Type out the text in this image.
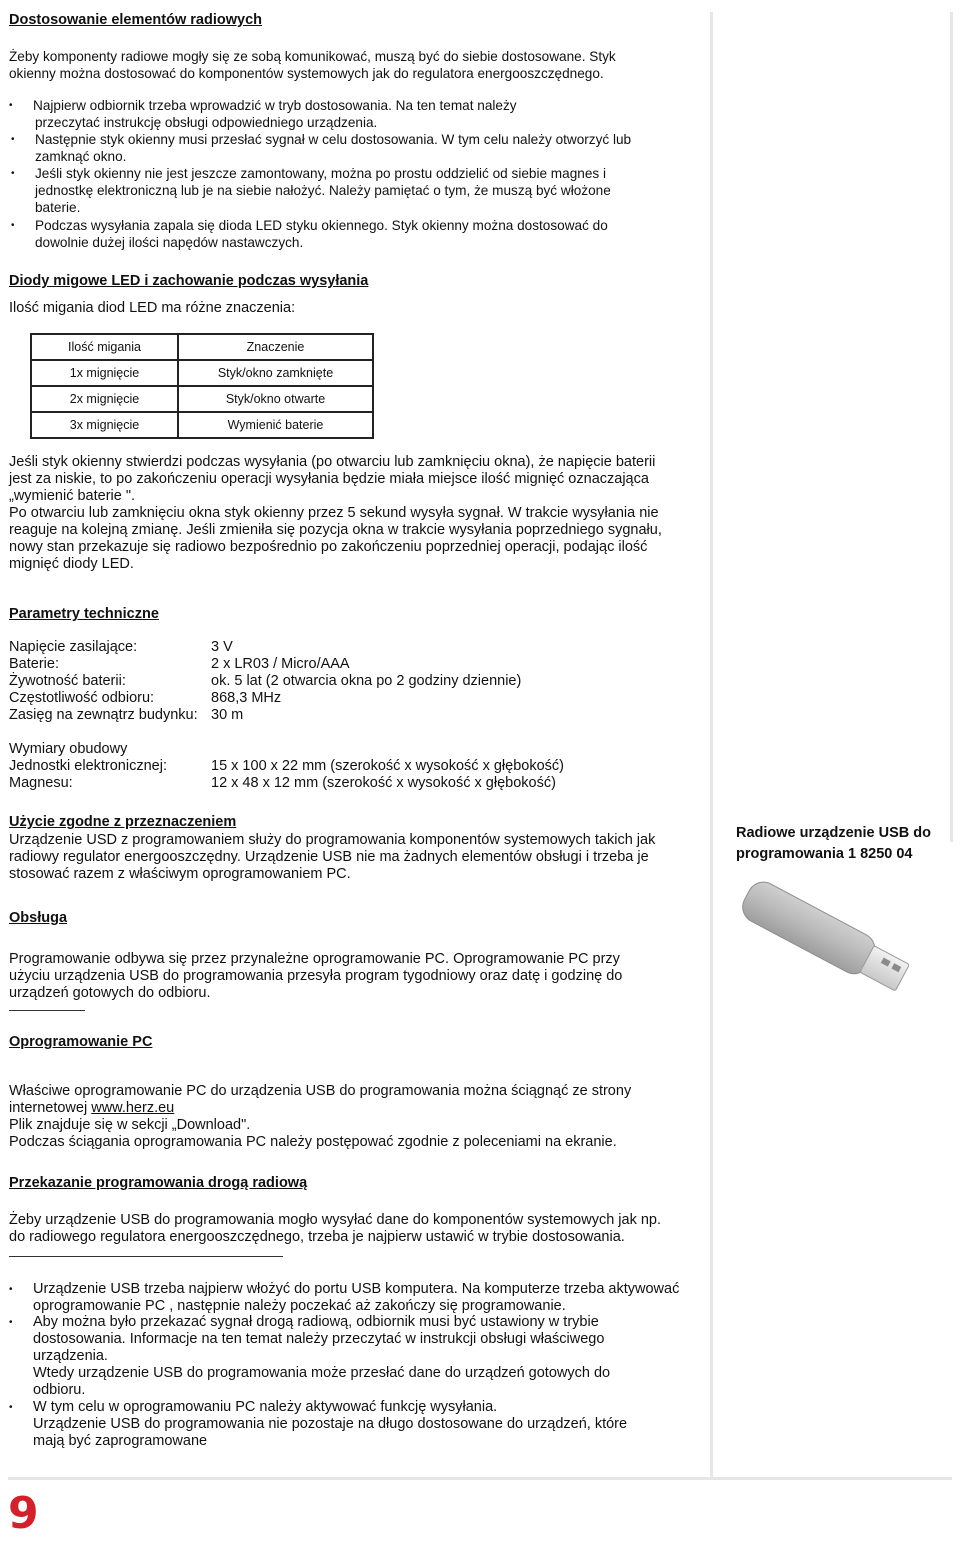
Dostosowanie elementów radiowych
Żeby komponenty radiowe mogły się ze sobą komunikować, muszą być do siebie dostosowane. Styk
okienny można dostosować do komponentów systemowych jak do regulatora energooszczędnego.
• Najpierw odbiornik trzeba wprowadzić w tryb dostosowania. Na ten temat należy
przeczytać instrukcję obsługi odpowiedniego urządzenia.
• Następnie styk okienny musi przesłać sygnał w celu dostosowania. W tym celu należy otworzyć lub
zamknąć okno.
• Jeśli styk okienny nie jest jeszcze zamontowany, można po prostu oddzielić od siebie magnes i
jednostkę elektroniczną lub je na siebie nałożyć. Należy pamiętać o tym, że muszą być włożone
baterie.
• Podczas wysyłania zapala się dioda LED styku okiennego. Styk okienny można dostosować do
dowolnie dużej ilości napędów nastawczych.
Diody migowe LED i zachowanie podczas wysyłania
Ilość migania diod LED ma różne znaczenia:
Ilość migania	Znaczenie
1x mignięcie	Styk/okno zamknięte
2x mignięcie	Styk/okno otwarte
3x mignięcie	Wymienić baterie
Jeśli styk okienny stwierdzi podczas wysyłania (po otwarciu lub zamknięciu okna), że napięcie baterii
jest za niskie, to po zakończeniu operacji wysyłania będzie miała miejsce ilość mignięć oznaczająca
„wymienić baterie ".
Po otwarciu lub zamknięciu okna styk okienny przez 5 sekund wysyła sygnał. W trakcie wysyłania nie
reaguje na kolejną zmianę. Jeśli zmieniła się pozycja okna w trakcie wysyłania poprzedniego sygnału,
nowy stan przekazuje się radiowo bezpośrednio po zakończeniu poprzedniej operacji, podając ilość
mignięć diody LED.
Parametry techniczne
Napięcie zasilające:	3 V
Baterie:	2 x LR03 / Micro/AAA
Żywotność baterii:	ok. 5 lat (2 otwarcia okna po 2 godziny dziennie)
Częstotliwość odbioru:	868,3 MHz
Zasięg na zewnątrz budynku:	30 m
Wymiary obudowy
Jednostki elektronicznej:	15 x 100 x 22 mm (szerokość x wysokość x głębokość)
Magnesu:	12 x 48 x 12 mm (szerokość x wysokość x głębokość)
Użycie zgodne z przeznaczeniem
Urządzenie USD z programowaniem służy do programowania komponentów systemowych takich jak
radiowy regulator energooszczędny. Urządzenie USB nie ma żadnych elementów obsługi i trzeba je
stosować razem z właściwym oprogramowaniem PC.
Radiowe urządzenie USB do
programowania 1 8250 04
Obsługa
Programowanie odbywa się przez przynależne oprogramowanie PC. Oprogramowanie PC przy
użyciu urządzenia USB do programowania przesyła program tygodniowy oraz datę i godzinę do
urządzeń gotowych do odbioru.
Oprogramowanie PC
Właściwe oprogramowanie PC do urządzenia USB do programowania można ściągnąć ze strony
internetowej www.herz.eu
Plik znajduje się w sekcji „Download".
Podczas ściągania oprogramowania PC należy postępować zgodnie z poleceniami na ekranie.
Przekazanie programowania drogą radiową
Żeby urządzenie USB do programowania mogło wysyłać dane do komponentów systemowych jak np.
do radiowego regulatora energooszczędnego, trzeba je najpierw ustawić w trybie dostosowania.
• Urządzenie USB trzeba najpierw włożyć do portu USB komputera. Na komputerze trzeba aktywować
oprogramowanie PC , następnie należy poczekać aż zakończy się programowanie.
• Aby można było przekazać sygnał drogą radiową, odbiornik musi być ustawiony w trybie
dostosowania. Informacje na ten temat należy przeczytać w instrukcji obsługi właściwego
urządzenia.
Wtedy urządzenie USB do programowania może przesłać dane do urządzeń gotowych do
odbioru.
• W tym celu w oprogramowaniu PC należy aktywować funkcję wysyłania.
Urządzenie USB do programowania nie pozostaje na długo dostosowane do urządzeń, które
mają być zaprogramowane
9
